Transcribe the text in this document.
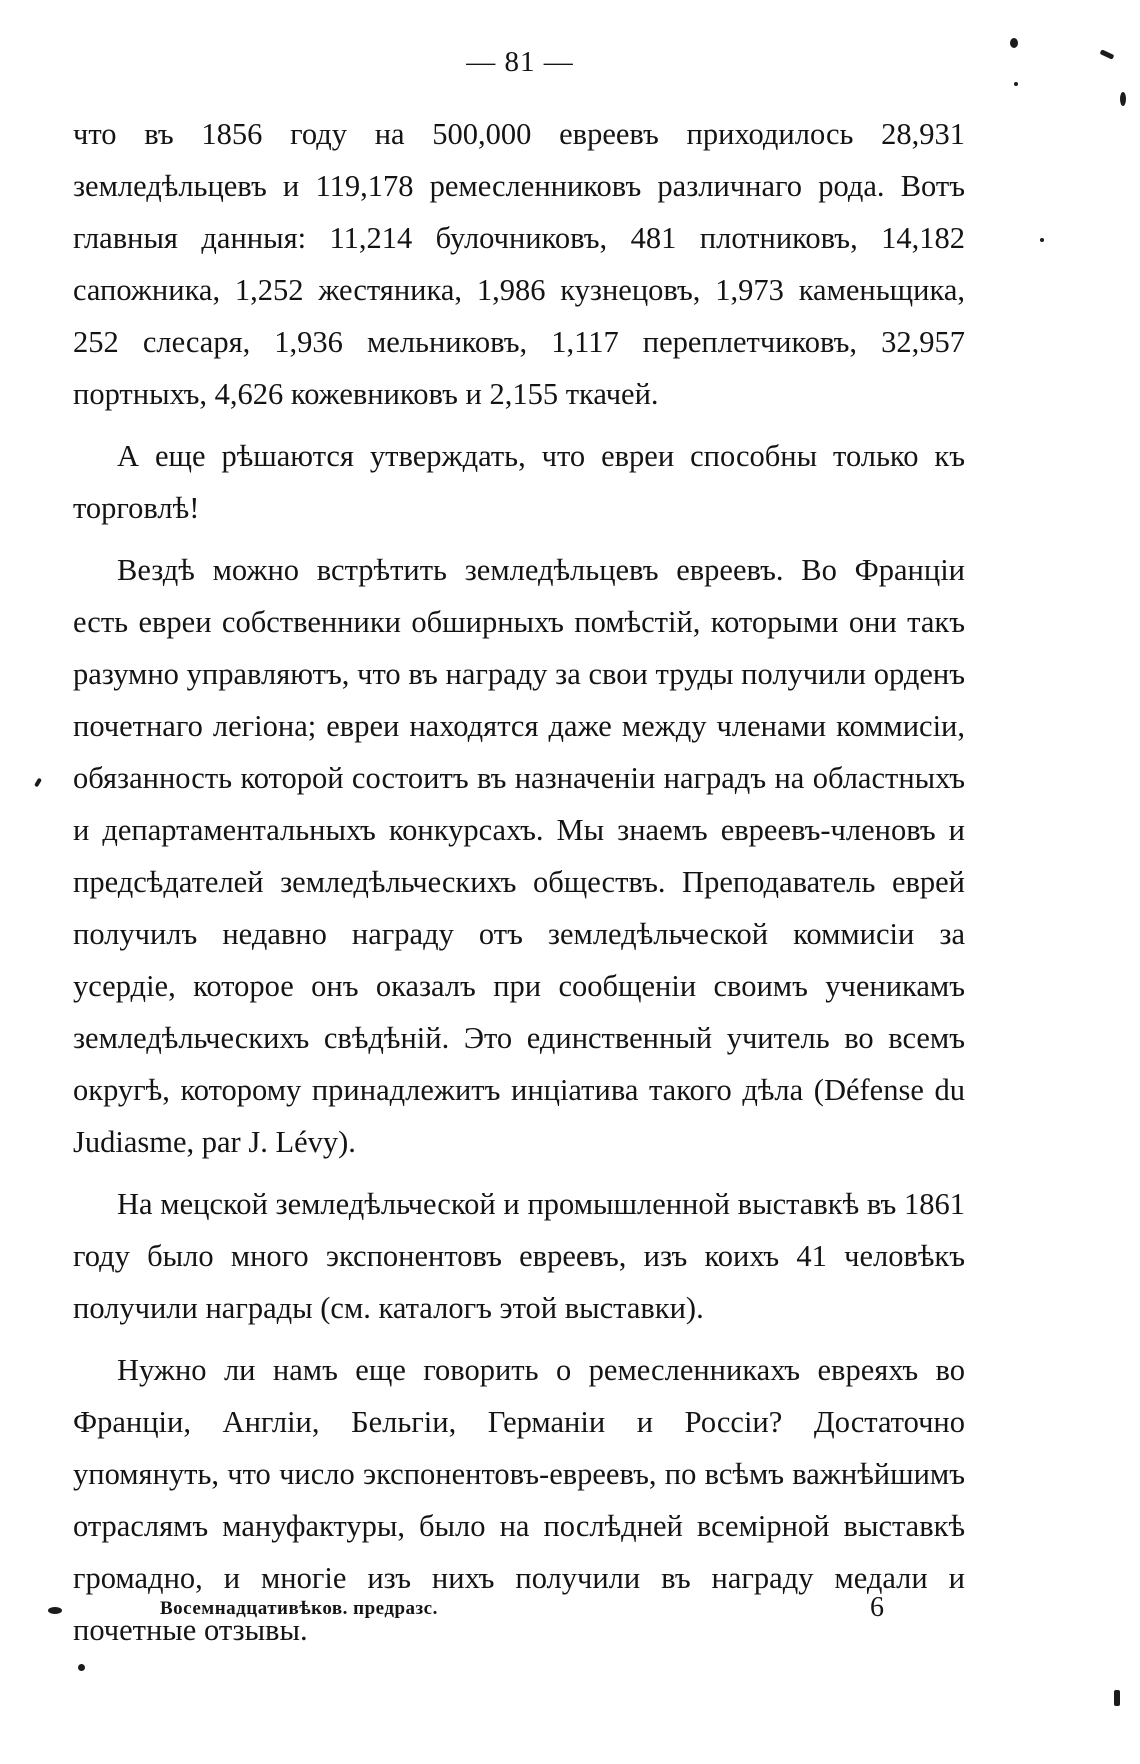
— 81 —

что въ 1856 году на 500,000 евреевъ приходилось 28,931 земледѣльцевъ и 119,178 ремесленниковъ различнаго рода. Вотъ главныя данныя: 11,214 булочниковъ, 481 плотниковъ, 14,182 сапожника, 1,252 жестяника, 1,986 кузнецовъ, 1,973 каменьщика, 252 слесаря, 1,936 мельниковъ, 1,117 переплетчиковъ, 32,957 портныхъ, 4,626 кожевниковъ и 2,155 ткачей.

А еще рѣшаются утверждать, что евреи способны только къ торговлѣ!

Вездѣ можно встрѣтить земледѣльцевъ евреевъ. Во Франціи есть евреи собственники обширныхъ помѣстій, которыми они такъ разумно управляютъ, что въ награду за свои труды получили орденъ почетнаго легіона; евреи находятся даже между членами коммисіи, обязанность которой состоитъ въ назначеніи наградъ на областныхъ и департаментальныхъ конкурсахъ. Мы знаемъ евреевъ-членовъ и предсѣдателей земледѣльческихъ обществъ. Преподаватель еврей получилъ недавно награду отъ земледѣльческой коммисіи за усердіе, которое онъ оказалъ при сообщеніи своимъ ученикамъ земледѣльческихъ свѣдѣній. Это единственный учитель во всемъ округѣ, которому принадлежитъ инціатива такого дѣла (Défense du Judiasme, par J. Lévy).

На мецской земледѣльческой и промышленной выставкѣ въ 1861 году было много экспонентовъ евреевъ, изъ коихъ 41 человѣкъ получили награды (см. каталогъ этой выставки).

Нужно ли намъ еще говорить о ремесленникахъ евреяхъ во Франціи, Англіи, Бельгіи, Германіи и Россіи? Достаточно упомянуть, что число экспонентовъ-евреевъ, по всѣмъ важнѣйшимъ отраслямъ мануфактуры, было на послѣдней всемірной выставкѣ громадно, и многіе изъ нихъ получили въ награду медали и почетные отзывы.

Восемнадцативѣков. предразс.	6
